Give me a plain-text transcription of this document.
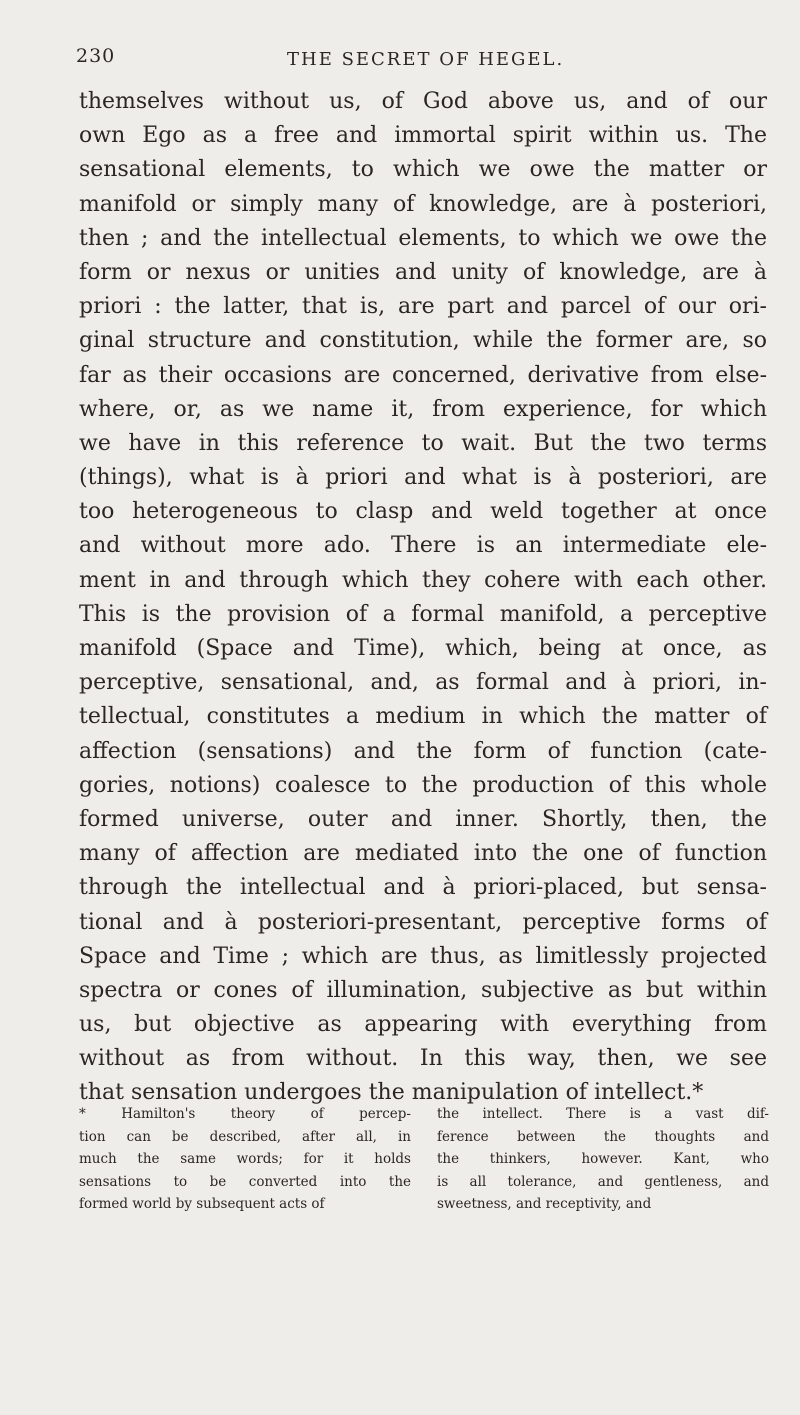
230	THE SECRET OF HEGEL.
themselves without us, of God above us, and of our
own Ego as a free and immortal spirit within us. The
sensational elements, to which we owe the matter or
manifold or simply many of knowledge, are à posteriori,
then ; and the intellectual elements, to which we owe the
form or nexus or unities and unity of knowledge, are à
priori : the latter, that is, are part and parcel of our ori-
ginal structure and constitution, while the former are, so
far as their occasions are concerned, derivative from else-
where, or, as we name it, from experience, for which
we have in this reference to wait. But the two terms
(things), what is à priori and what is à posteriori, are
too heterogeneous to clasp and weld together at once
and without more ado. There is an intermediate ele-
ment in and through which they cohere with each other.
This is the provision of a formal manifold, a perceptive
manifold (Space and Time), which, being at once, as
perceptive, sensational, and, as formal and à priori, in-
tellectual, constitutes a medium in which the matter of
affection (sensations) and the form of function (cate-
gories, notions) coalesce to the production of this whole
formed universe, outer and inner. Shortly, then, the
many of affection are mediated into the one of function
through the intellectual and à priori-placed, but sensa-
tional and à posteriori-presentant, perceptive forms of
Space and Time ; which are thus, as limitlessly projected
spectra or cones of illumination, subjective as but within
us, but objective as appearing with everything from
without as from without. In this way, then, we see
that sensation undergoes the manipulation of intellect.*
* Hamilton's theory of percep-
tion can be described, after all, in
much the same words; for it holds
sensations to be converted into the
formed world by subsequent acts of
the intellect. There is a vast dif-
ference between the thoughts and
the thinkers, however. Kant, who
is all tolerance, and gentleness, and
sweetness, and receptivity, and
